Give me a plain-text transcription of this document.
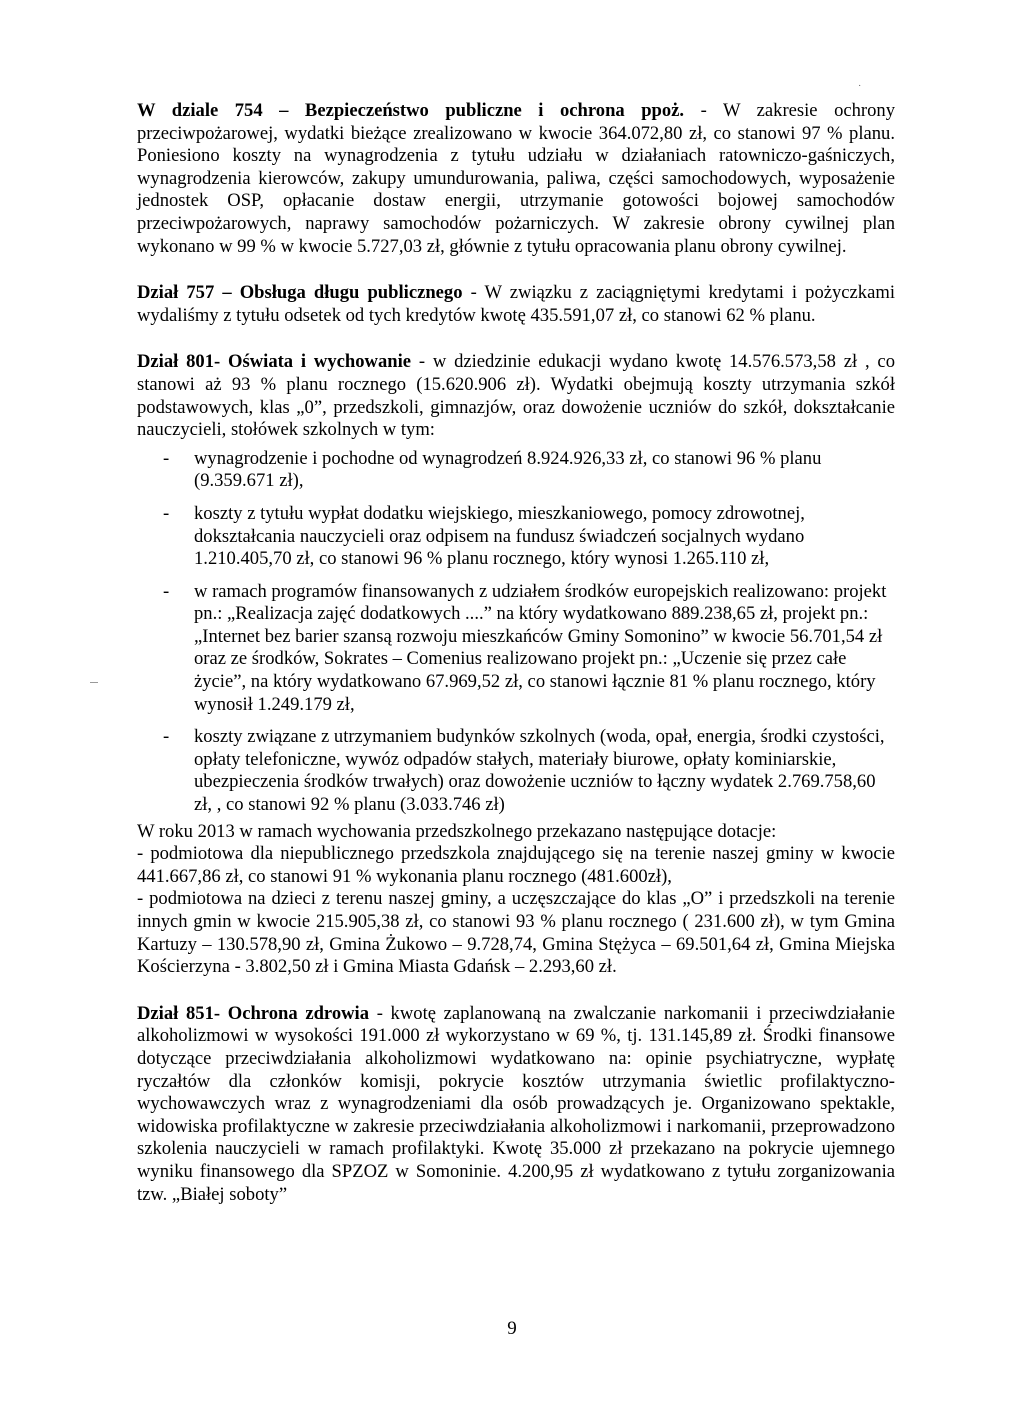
˙

W dziale 754 – Bezpieczeństwo publiczne i ochrona ppoż. - W zakresie ochrony przeciwpożarowej, wydatki bieżące zrealizowano w kwocie 364.072,80 zł, co stanowi 97 % planu. Poniesiono koszty na wynagrodzenia z tytułu udziału w działaniach ratowniczo-gaśniczych, wynagrodzenia kierowców, zakupy umundurowania, paliwa, części samochodowych, wyposażenie jednostek OSP, opłacanie dostaw energii, utrzymanie gotowości bojowej samochodów przeciwpożarowych, naprawy samochodów pożarniczych. W zakresie obrony cywilnej plan wykonano w 99 % w kwocie 5.727,03 zł, głównie z tytułu opracowania planu obrony cywilnej.

Dział 757 – Obsługa długu publicznego - W związku z zaciągniętymi kredytami i pożyczkami wydaliśmy z tytułu odsetek od tych kredytów kwotę 435.591,07 zł, co stanowi 62 % planu.

Dział 801- Oświata i wychowanie - w dziedzinie edukacji wydano kwotę 14.576.573,58 zł , co stanowi aż 93 % planu rocznego (15.620.906 zł). Wydatki obejmują koszty utrzymania szkół podstawowych, klas „0”, przedszkoli, gimnazjów, oraz dowożenie uczniów do szkół, dokształcanie nauczycieli, stołówek szkolnych w tym:

- wynagrodzenie i pochodne od wynagrodzeń 8.924.926,33 zł, co stanowi 96 % planu (9.359.671 zł),
- koszty z tytułu wypłat dodatku wiejskiego, mieszkaniowego, pomocy zdrowotnej, dokształcania nauczycieli oraz odpisem na fundusz świadczeń socjalnych wydano 1.210.405,70 zł, co stanowi 96 % planu rocznego, który wynosi 1.265.110 zł,
- w ramach programów finansowanych z udziałem środków europejskich realizowano: projekt pn.: „Realizacja zajęć dodatkowych ....” na który wydatkowano 889.238,65 zł, projekt pn.: „Internet bez barier szansą rozwoju mieszkańców Gminy Somonino” w kwocie 56.701,54 zł oraz ze środków, Sokrates – Comenius realizowano projekt pn.: „Uczenie się przez całe życie”, na który wydatkowano 67.969,52 zł, co stanowi łącznie 81 % planu rocznego, który wynosił 1.249.179 zł,
- koszty związane z utrzymaniem budynków szkolnych (woda, opał, energia, środki czystości, opłaty telefoniczne, wywóz odpadów stałych, materiały biurowe, opłaty kominiarskie, ubezpieczenia środków trwałych) oraz dowożenie uczniów to łączny wydatek 2.769.758,60 zł, , co stanowi 92 % planu (3.033.746 zł)

W roku 2013 w ramach wychowania przedszkolnego przekazano następujące dotacje:

- podmiotowa dla niepublicznego przedszkola znajdującego się na terenie naszej gminy w kwocie 441.667,86 zł, co stanowi 91 % wykonania planu rocznego (481.600zł),

- podmiotowa na dzieci z terenu naszej gminy, a uczęszczające do klas „O” i przedszkoli na terenie innych gmin w kwocie 215.905,38 zł, co stanowi 93 % planu rocznego ( 231.600 zł), w tym Gmina Kartuzy – 130.578,90 zł, Gmina Żukowo – 9.728,74, Gmina Stężyca – 69.501,64 zł, Gmina Miejska Kościerzyna - 3.802,50 zł i Gmina Miasta Gdańsk – 2.293,60 zł.

Dział 851- Ochrona zdrowia - kwotę zaplanowaną na zwalczanie narkomanii i przeciwdziałanie alkoholizmowi w wysokości 191.000 zł wykorzystano w 69 %, tj. 131.145,89 zł. Środki finansowe dotyczące przeciwdziałania alkoholizmowi wydatkowano na: opinie psychiatryczne, wypłatę ryczałtów dla członków komisji, pokrycie kosztów utrzymania świetlic profilaktyczno-wychowawczych wraz z wynagrodzeniami dla osób prowadzących je. Organizowano spektakle, widowiska profilaktyczne w zakresie przeciwdziałania alkoholizmowi i narkomanii, przeprowadzono szkolenia nauczycieli w ramach profilaktyki. Kwotę 35.000 zł przekazano na pokrycie ujemnego wyniku finansowego dla SPZOZ w Somoninie. 4.200,95 zł wydatkowano z tytułu zorganizowania tzw. „Białej soboty”

9
